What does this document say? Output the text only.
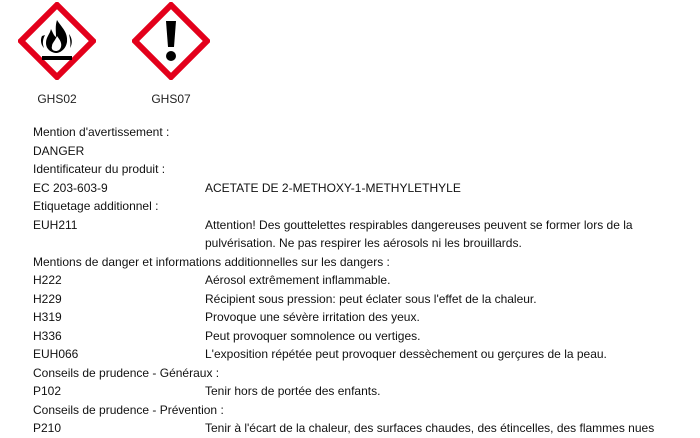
GHS02	GHS07
Mention d'avertissement :
DANGER
Identificateur du produit :
EC 203-603-9	ACETATE DE 2-METHOXY-1-METHYLETHYLE
Etiquetage additionnel :
EUH211	Attention! Des gouttelettes respirables dangereuses peuvent se former lors de la pulvérisation. Ne pas respirer les aérosols ni les brouillards.
Mentions de danger et informations additionnelles sur les dangers :
H222	Aérosol extrêmement inflammable.
H229	Récipient sous pression: peut éclater sous l'effet de la chaleur.
H319	Provoque une sévère irritation des yeux.
H336	Peut provoquer somnolence ou vertiges.
EUH066	L'exposition répétée peut provoquer dessèchement ou gerçures de la peau.
Conseils de prudence - Généraux :
P102	Tenir hors de portée des enfants.
Conseils de prudence - Prévention :
P210	Tenir à l'écart de la chaleur, des surfaces chaudes, des étincelles, des flammes nues
